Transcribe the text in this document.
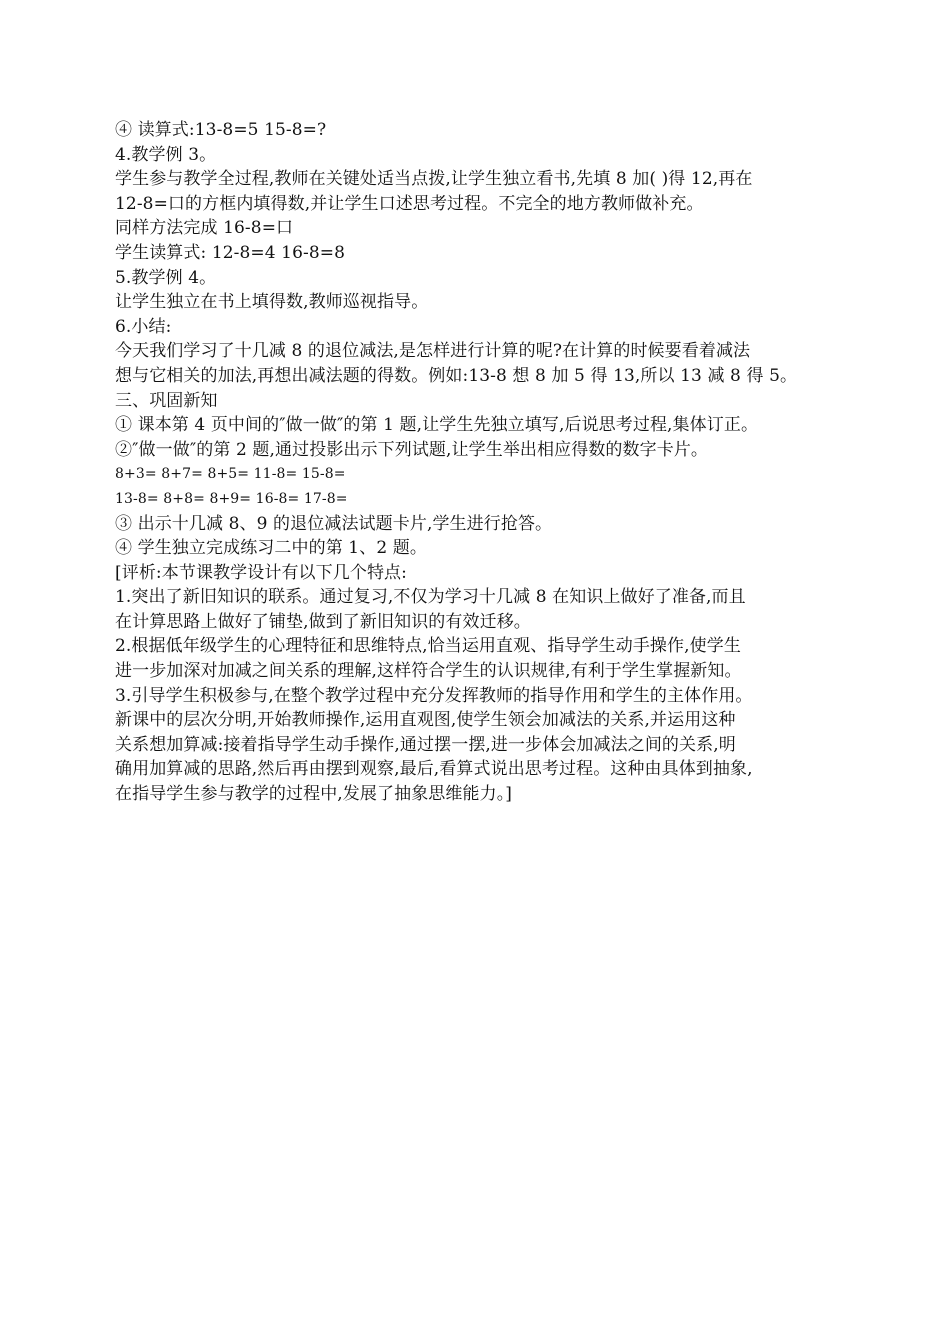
④ 读算式:13-8=5 15-8=?
4.教学例 3。
学生参与教学全过程,教师在关键处适当点拨,让学生独立看书,先填 8 加( )得 12,再在
12-8=口的方框内填得数,并让学生口述思考过程。不完全的地方教师做补充。
同样方法完成 16-8=口
学生读算式: 12-8=4 16-8=8
5.教学例 4。
让学生独立在书上填得数,教师巡视指导。
6.小结:
今天我们学习了十几减 8 的退位减法,是怎样进行计算的呢?在计算的时候要看着减法
想与它相关的加法,再想出减法题的得数。例如:13-8 想 8 加 5 得 13,所以 13 减 8 得 5。
三、巩固新知
① 课本第 4 页中间的″做一做″的第 1 题,让学生先独立填写,后说思考过程,集体订正。
②″做一做″的第 2 题,通过投影出示下列试题,让学生举出相应得数的数字卡片。
8+3= 8+7= 8+5= 11-8= 15-8=
13-8= 8+8= 8+9= 16-8= 17-8=
③ 出示十几减 8、9 的退位减法试题卡片,学生进行抢答。
④ 学生独立完成练习二中的第 1、2 题。
[评析:本节课教学设计有以下几个特点:
1.突出了新旧知识的联系。通过复习,不仅为学习十几减 8 在知识上做好了准备,而且
在计算思路上做好了铺垫,做到了新旧知识的有效迁移。
2.根据低年级学生的心理特征和思维特点,恰当运用直观、指导学生动手操作,使学生
进一步加深对加减之间关系的理解,这样符合学生的认识规律,有利于学生掌握新知。
3.引导学生积极参与,在整个教学过程中充分发挥教师的指导作用和学生的主体作用。
新课中的层次分明,开始教师操作,运用直观图,使学生领会加减法的关系,并运用这种
关系想加算减:接着指导学生动手操作,通过摆一摆,进一步体会加减法之间的关系,明
确用加算减的思路,然后再由摆到观察,最后,看算式说出思考过程。这种由具体到抽象,
在指导学生参与教学的过程中,发展了抽象思维能力。]
